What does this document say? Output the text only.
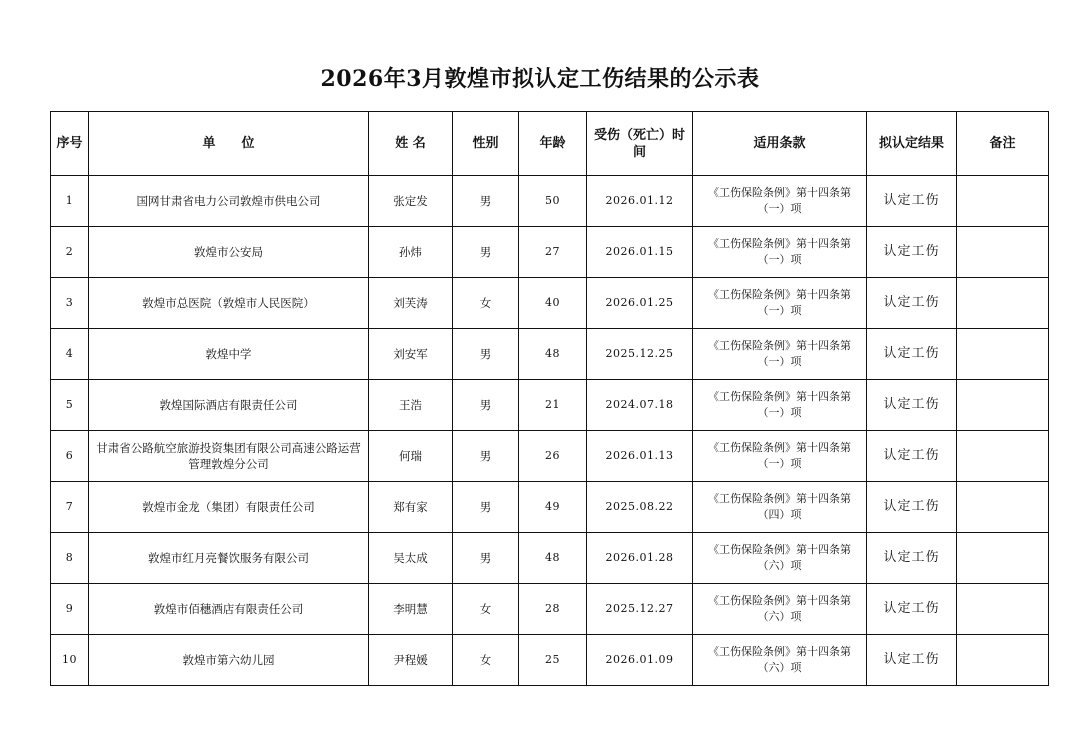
2026年3月敦煌市拟认定工伤结果的公示表
序号	单　　位	姓 名	性别	年龄	受伤（死亡）时间	适用条款	拟认定结果	备注
1	国网甘肃省电力公司敦煌市供电公司	张定发	男	50	2026.01.12	《工伤保险条例》第十四条第（一）项	认定工伤	
2	敦煌市公安局	孙炜	男	27	2026.01.15	《工伤保险条例》第十四条第（一）项	认定工伤	
3	敦煌市总医院（敦煌市人民医院）	刘芙涛	女	40	2026.01.25	《工伤保险条例》第十四条第（一）项	认定工伤	
4	敦煌中学	刘安军	男	48	2025.12.25	《工伤保险条例》第十四条第（一）项	认定工伤	
5	敦煌国际酒店有限责任公司	王浩	男	21	2024.07.18	《工伤保险条例》第十四条第（一）项	认定工伤	
6	甘肃省公路航空旅游投资集团有限公司高速公路运营管理敦煌分公司	何瑞	男	26	2026.01.13	《工伤保险条例》第十四条第（一）项	认定工伤	
7	敦煌市金龙（集团）有限责任公司	郑有家	男	49	2025.08.22	《工伤保险条例》第十四条第（四）项	认定工伤	
8	敦煌市红月亮餐饮服务有限公司	吴太成	男	48	2026.01.28	《工伤保险条例》第十四条第（六）项	认定工伤	
9	敦煌市佰穗酒店有限责任公司	李明慧	女	28	2025.12.27	《工伤保险条例》第十四条第（六）项	认定工伤	
10	敦煌市第六幼儿园	尹程媛	女	25	2026.01.09	《工伤保险条例》第十四条第（六）项	认定工伤	
